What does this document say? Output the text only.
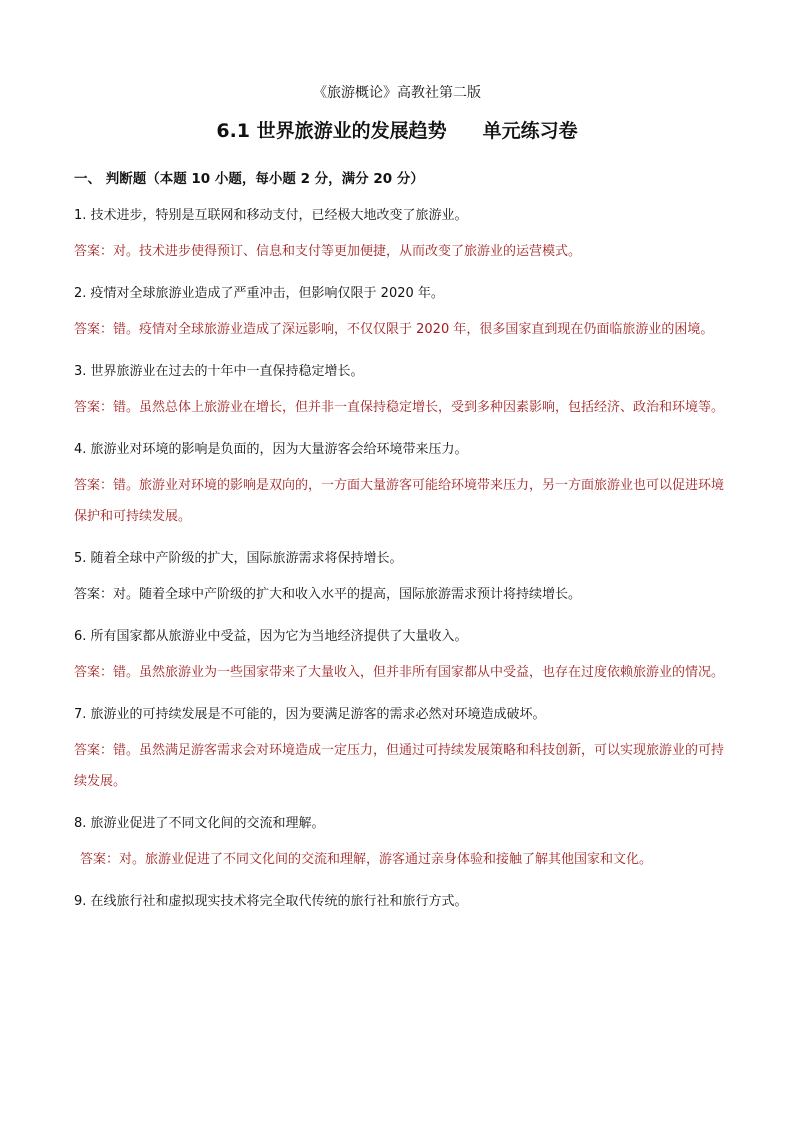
《旅游概论》高教社第二版
6.1 世界旅游业的发展趋势 单元练习卷
一、 判断题（本题 10 小题，每小题 2 分，满分 20 分）

1. 技术进步，特别是互联网和移动支付，已经极大地改变了旅游业。

答案：对。技术进步使得预订、信息和支付等更加便捷，从而改变了旅游业的运营模式。

2. 疫情对全球旅游业造成了严重冲击，但影响仅限于 2020 年。

答案：错。疫情对全球旅游业造成了深远影响，不仅仅限于 2020 年，很多国家直到现在仍面临旅游业的困境。

3. 世界旅游业在过去的十年中一直保持稳定增长。

答案：错。虽然总体上旅游业在增长，但并非一直保持稳定增长，受到多种因素影响，包括经济、政治和环境等。

4. 旅游业对环境的影响是负面的，因为大量游客会给环境带来压力。

答案：错。旅游业对环境的影响是双向的，一方面大量游客可能给环境带来压力，另一方面旅游业也可以促进环境保护和可持续发展。

5. 随着全球中产阶级的扩大，国际旅游需求将保持增长。

答案：对。随着全球中产阶级的扩大和收入水平的提高，国际旅游需求预计将持续增长。

6. 所有国家都从旅游业中受益，因为它为当地经济提供了大量收入。

答案：错。虽然旅游业为一些国家带来了大量收入，但并非所有国家都从中受益，也存在过度依赖旅游业的情况。

7. 旅游业的可持续发展是不可能的，因为要满足游客的需求必然对环境造成破坏。

答案：错。虽然满足游客需求会对环境造成一定压力，但通过可持续发展策略和科技创新，可以实现旅游业的可持续发展。

8. 旅游业促进了不同文化间的交流和理解。

答案：对。旅游业促进了不同文化间的交流和理解，游客通过亲身体验和接触了解其他国家和文化。

9. 在线旅行社和虚拟现实技术将完全取代传统的旅行社和旅行方式。
